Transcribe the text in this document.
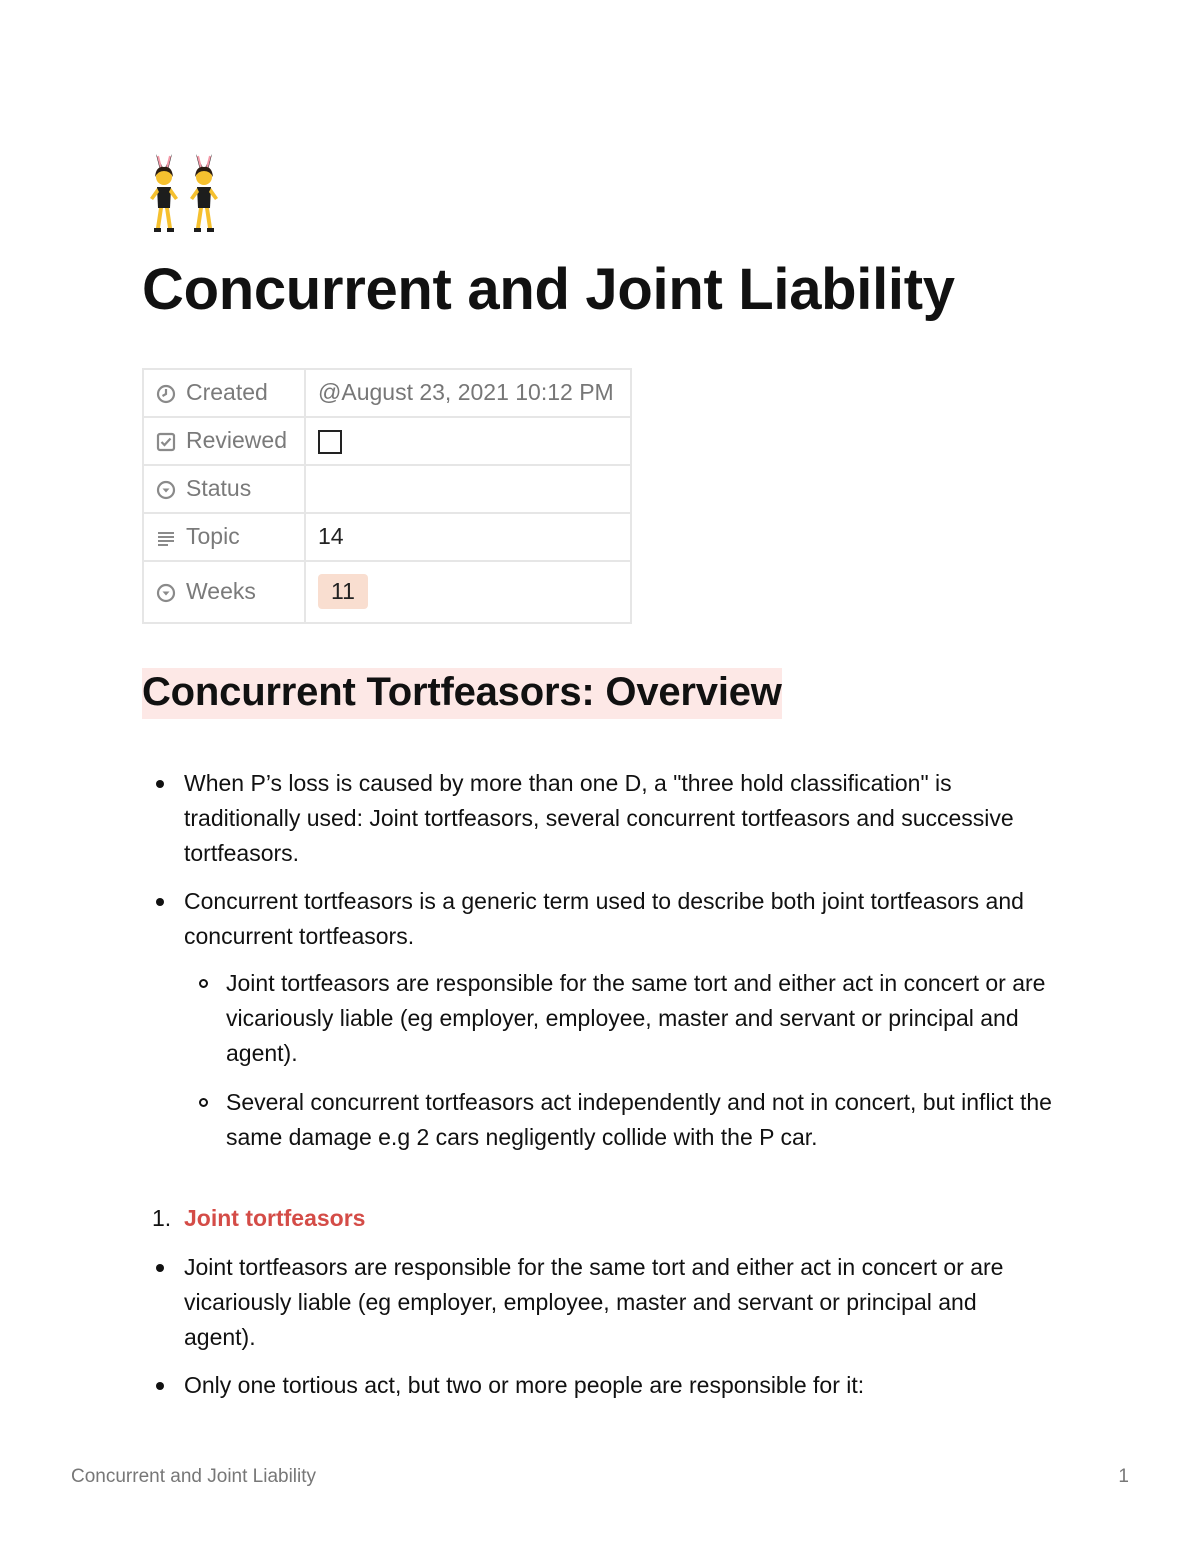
Concurrent and Joint Liability
Created	@August 23, 2021 10:12 PM

Reviewed	

Status	

Topic	14

Weeks	11
Concurrent Tortfeasors: Overview
When P’s loss is caused by more than one D, a "three hold classification" is traditionally used: Joint tortfeasors, several concurrent tortfeasors and successive tortfeasors.
Concurrent tortfeasors is a generic term used to describe both joint tortfeasors and concurrent tortfeasors.
Joint tortfeasors are responsible for the same tort and either act in concert or are vicariously liable (eg employer, employee, master and servant or principal and agent).
Several concurrent tortfeasors act independently and not in concert, but inflict the same damage e.g 2 cars negligently collide with the P car.
1. Joint tortfeasors
Joint tortfeasors are responsible for the same tort and either act in concert or are vicariously liable (eg employer, employee, master and servant or principal and agent).
Only one tortious act, but two or more people are responsible for it:
Concurrent and Joint Liability	1
